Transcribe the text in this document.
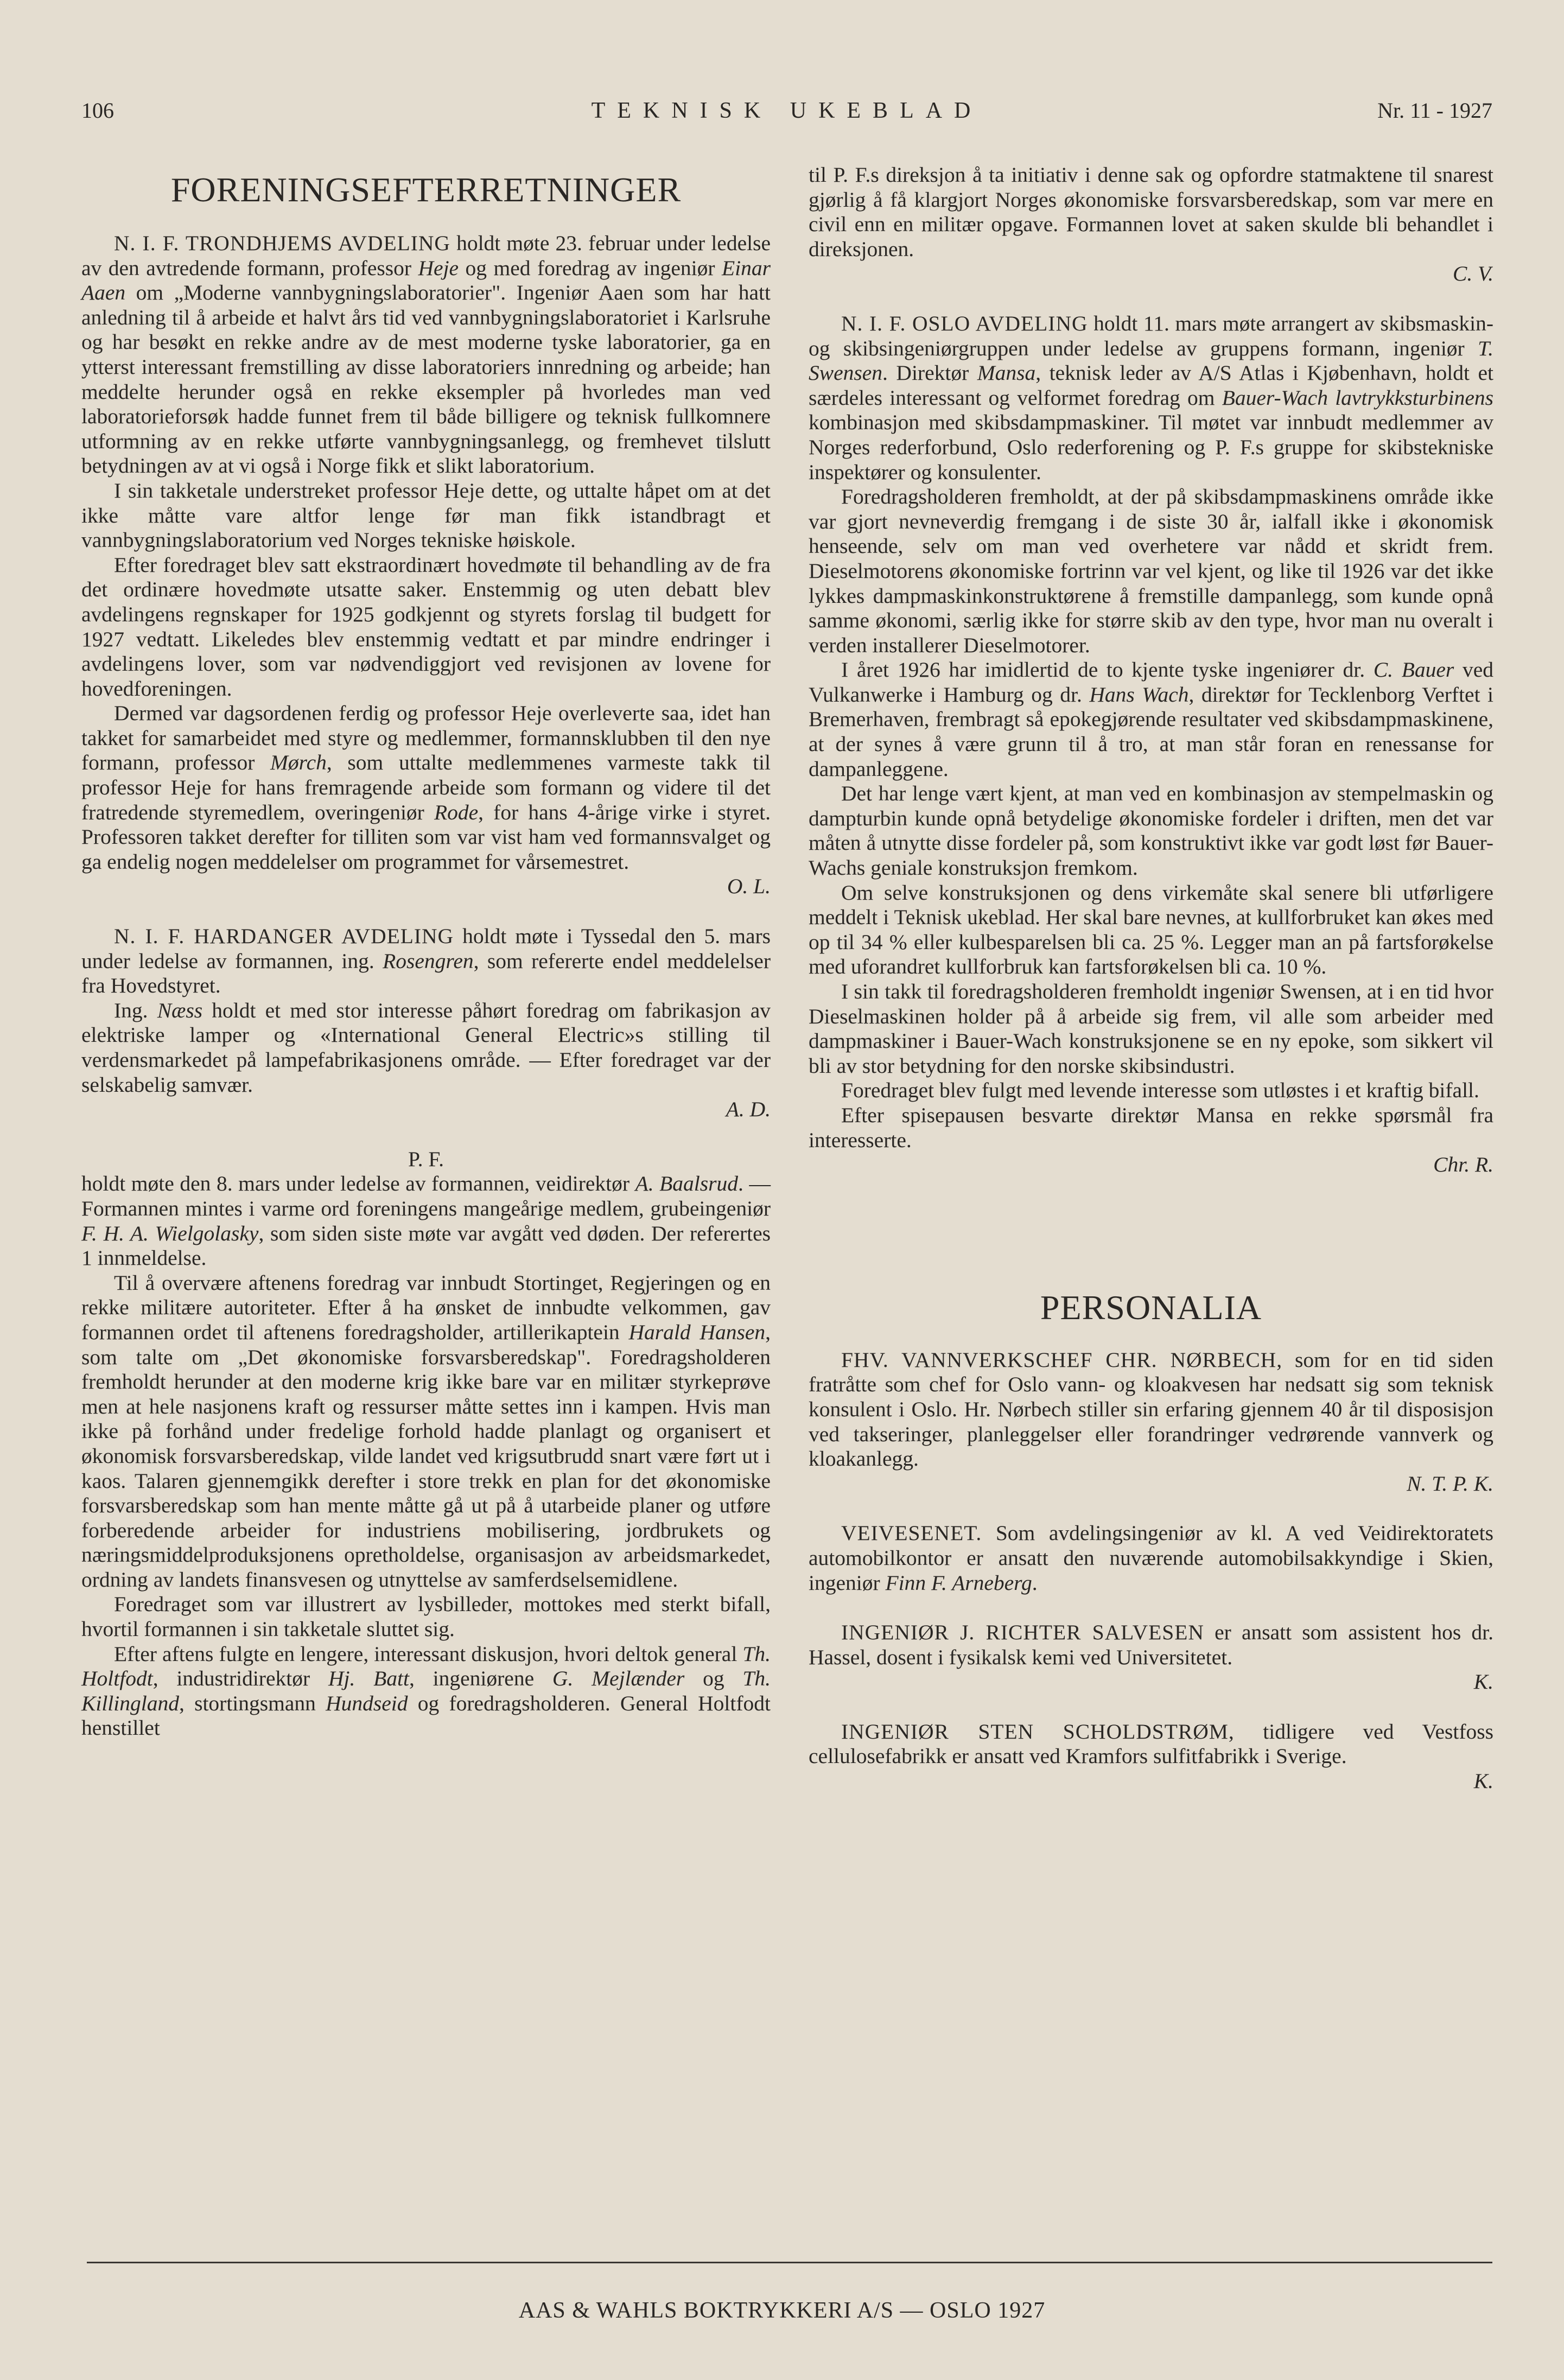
106	TEKNISK UKEBLAD	Nr. 11 - 1927
FORENINGSEFTERRETNINGER

N. I. F. TRONDHJEMS AVDELING holdt møte 23. februar under ledelse av den avtredende formann, professor Heje og med foredrag av ingeniør Einar Aaen om „Moderne vannbygningslaboratorier". Ingeniør Aaen som har hatt anledning til å arbeide et halvt års tid ved vannbygningslaboratoriet i Karlsruhe og har besøkt en rekke andre av de mest moderne tyske laboratorier, ga en ytterst interessant fremstilling av disse laboratoriers innredning og arbeide; han meddelte herunder også en rekke eksempler på hvorledes man ved laboratorieforsøk hadde funnet frem til både billigere og teknisk fullkomnere utformning av en rekke utførte vannbygningsanlegg, og fremhevet tilslutt betydningen av at vi også i Norge fikk et slikt laboratorium.

I sin takketale understreket professor Heje dette, og uttalte håpet om at det ikke måtte vare altfor lenge før man fikk istandbragt et vannbygningslaboratorium ved Norges tekniske høiskole.

Efter foredraget blev satt ekstraordinært hovedmøte til behandling av de fra det ordinære hovedmøte utsatte saker. Enstemmig og uten debatt blev avdelingens regnskaper for 1925 godkjennt og styrets forslag til budgett for 1927 vedtatt. Likeledes blev enstemmig vedtatt et par mindre endringer i avdelingens lover, som var nødvendiggjort ved revisjonen av lovene for hovedforeningen.

Dermed var dagsordenen ferdig og professor Heje overleverte saa, idet han takket for samarbeidet med styre og medlemmer, formannsklubben til den nye formann, professor Mørch, som uttalte medlemmenes varmeste takk til professor Heje for hans fremragende arbeide som formann og videre til det fratredende styremedlem, overingeniør Rode, for hans 4-årige virke i styret. Professoren takket derefter for tilliten som var vist ham ved formannsvalget og ga endelig nogen meddelelser om programmet for vårsemestret.

O. L.

N. I. F. HARDANGER AVDELING holdt møte i Tyssedal den 5. mars under ledelse av formannen, ing. Rosengren, som refererte endel meddelelser fra Hovedstyret.

Ing. Næss holdt et med stor interesse påhørt foredrag om fabrikasjon av elektriske lamper og «International General Electric»s stilling til verdensmarkedet på lampefabrikasjonens område. — Efter foredraget var der selskabelig samvær.

A. D.

P. F.

holdt møte den 8. mars under ledelse av formannen, veidirektør A. Baalsrud. — Formannen mintes i varme ord foreningens mangeårige medlem, grubeingeniør F. H. A. Wielgolasky, som siden siste møte var avgått ved døden. Der referertes 1 innmeldelse.

Til å overvære aftenens foredrag var innbudt Stortinget, Regjeringen og en rekke militære autoriteter. Efter å ha ønsket de innbudte velkommen, gav formannen ordet til aftenens foredragsholder, artillerikaptein Harald Hansen, som talte om „Det økonomiske forsvarsberedskap". Foredragsholderen fremholdt herunder at den moderne krig ikke bare var en militær styrkeprøve men at hele nasjonens kraft og ressurser måtte settes inn i kampen. Hvis man ikke på forhånd under fredelige forhold hadde planlagt og organisert et økonomisk forsvarsberedskap, vilde landet ved krigsutbrudd snart være ført ut i kaos. Talaren gjennemgikk derefter i store trekk en plan for det økonomiske forsvarsberedskap som han mente måtte gå ut på å utarbeide planer og utføre forberedende arbeider for industriens mobilisering, jordbrukets og næringsmiddelproduksjonens opretholdelse, organisasjon av arbeidsmarkedet, ordning av landets finansvesen og utnyttelse av samferdselsemidlene.

Foredraget som var illustrert av lysbilleder, mottokes med sterkt bifall, hvortil formannen i sin takketale sluttet sig.

Efter aftens fulgte en lengere, interessant diskusjon, hvori deltok general Th. Holtfodt, industridirektør Hj. Batt, ingeniørene G. Mejlænder og Th. Killingland, stortingsmann Hundseid og foredragsholderen. General Holtfodt henstillet

til P. F.s direksjon å ta initiativ i denne sak og opfordre statmaktene til snarest gjørlig å få klargjort Norges økonomiske forsvarsberedskap, som var mere en civil enn en militær opgave. Formannen lovet at saken skulde bli behandlet i direksjonen.

C. V.

N. I. F. OSLO AVDELING holdt 11. mars møte arrangert av skibsmaskin- og skibsingeniørgruppen under ledelse av gruppens formann, ingeniør T. Swensen. Direktør Mansa, teknisk leder av A/S Atlas i Kjøbenhavn, holdt et særdeles interessant og velformet foredrag om Bauer-Wach lavtrykksturbinens kombinasjon med skibsdampmaskiner. Til møtet var innbudt medlemmer av Norges rederforbund, Oslo rederforening og P. F.s gruppe for skibstekniske inspektører og konsulenter.

Foredragsholderen fremholdt, at der på skibsdampmaskinens område ikke var gjort nevneverdig fremgang i de siste 30 år, ialfall ikke i økonomisk henseende, selv om man ved overhetere var nådd et skridt frem. Dieselmotorens økonomiske fortrinn var vel kjent, og like til 1926 var det ikke lykkes dampmaskinkonstruktørene å fremstille dampanlegg, som kunde opnå samme økonomi, særlig ikke for større skib av den type, hvor man nu overalt i verden installerer Dieselmotorer.

I året 1926 har imidlertid de to kjente tyske ingeniører dr. C. Bauer ved Vulkanwerke i Hamburg og dr. Hans Wach, direktør for Tecklenborg Verftet i Bremerhaven, frembragt så epokegjørende resultater ved skibsdampmaskinene, at der synes å være grunn til å tro, at man står foran en renessanse for dampanleggene.

Det har lenge vært kjent, at man ved en kombinasjon av stempelmaskin og dampturbin kunde opnå betydelige økonomiske fordeler i driften, men det var måten å utnytte disse fordeler på, som konstruktivt ikke var godt løst før Bauer-Wachs geniale konstruksjon fremkom.

Om selve konstruksjonen og dens virkemåte skal senere bli utførligere meddelt i Teknisk ukeblad. Her skal bare nevnes, at kullforbruket kan økes med op til 34 % eller kulbesparelsen bli ca. 25 %. Legger man an på fartsforøkelse med uforandret kullforbruk kan fartsforøkelsen bli ca. 10 %.

I sin takk til foredragsholderen fremholdt ingeniør Swensen, at i en tid hvor Dieselmaskinen holder på å arbeide sig frem, vil alle som arbeider med dampmaskiner i Bauer-Wach konstruksjonene se en ny epoke, som sikkert vil bli av stor betydning for den norske skibsindustri.

Foredraget blev fulgt med levende interesse som utløstes i et kraftig bifall.

Efter spisepausen besvarte direktør Mansa en rekke spørsmål fra interesserte.

Chr. R.

PERSONALIA

FHV. VANNVERKSCHEF CHR. NØRBECH, som for en tid siden fratråtte som chef for Oslo vann- og kloakvesen har nedsatt sig som teknisk konsulent i Oslo. Hr. Nørbech stiller sin erfaring gjennem 40 år til disposisjon ved takseringer, planleggelser eller forandringer vedrørende vannverk og kloakanlegg.

N. T. P. K.

VEIVESENET. Som avdelingsingeniør av kl. A ved Veidirektoratets automobilkontor er ansatt den nuværende automobilsakkyndige i Skien, ingeniør Finn F. Arneberg.

INGENIØR J. RICHTER SALVESEN er ansatt som assistent hos dr. Hassel, dosent i fysikalsk kemi ved Universitetet.

K.

INGENIØR STEN SCHOLDSTRØM, tidligere ved Vestfoss cellulosefabrikk er ansatt ved Kramfors sulfitfabrikk i Sverige.

K.

AAS & WAHLS BOKTRYKKERI A/S — OSLO 1927
